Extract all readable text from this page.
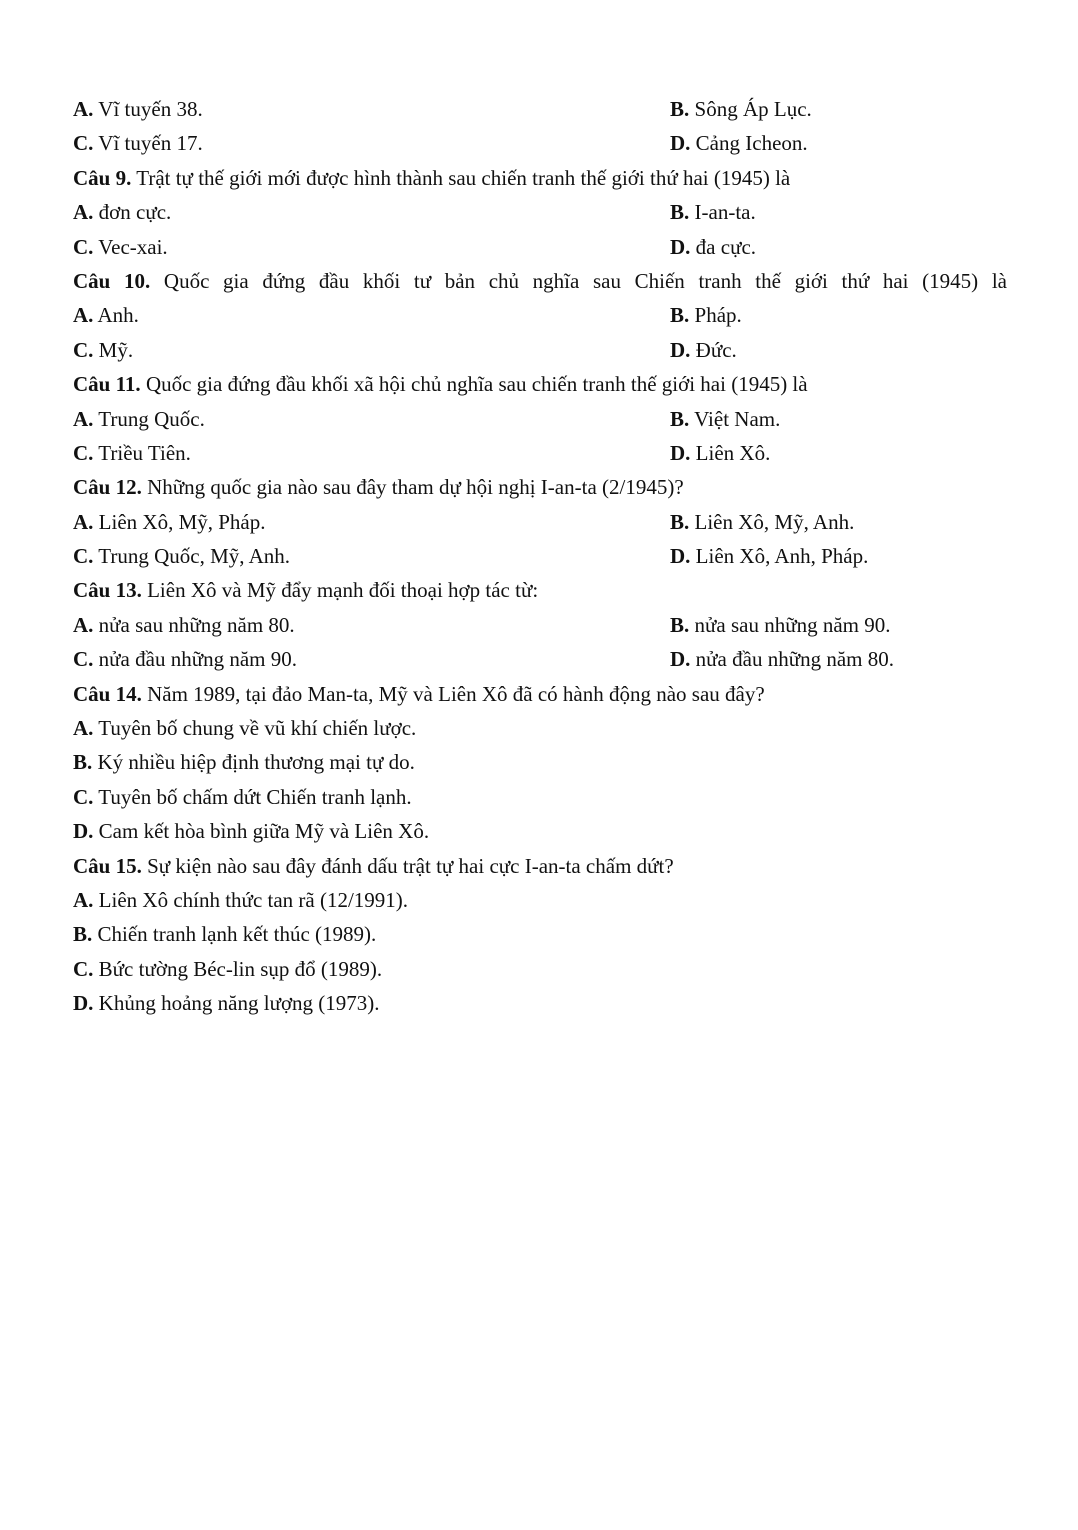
A. Vĩ tuyến 38.	B. Sông Áp Lục.
C. Vĩ tuyến 17.	D. Cảng Icheon.
Câu 9. Trật tự thế giới mới được hình thành sau chiến tranh thế giới thứ hai (1945) là
A. đơn cực.	B. I-an-ta.
C. Vec-xai.	D. đa cực.
Câu 10. Quốc gia đứng đầu khối tư bản chủ nghĩa sau Chiến tranh thế giới thứ hai (1945) là
A. Anh.	B. Pháp.
C. Mỹ.	D. Đức.
Câu 11. Quốc gia đứng đầu khối xã hội chủ nghĩa sau chiến tranh thế giới hai (1945) là
A. Trung Quốc.	B. Việt Nam.
C. Triều Tiên.	D. Liên Xô.
Câu 12. Những quốc gia nào sau đây tham dự hội nghị I-an-ta (2/1945)?
A. Liên Xô, Mỹ, Pháp.	B. Liên Xô, Mỹ, Anh.
C. Trung Quốc, Mỹ, Anh.	D. Liên Xô, Anh, Pháp.
Câu 13. Liên Xô và Mỹ đẩy mạnh đối thoại hợp tác từ:
A. nửa sau những năm 80.	B. nửa sau những năm 90.
C. nửa đầu những năm 90.	D. nửa đầu những năm 80.
Câu 14. Năm 1989, tại đảo Man-ta, Mỹ và Liên Xô đã có hành động nào sau đây?
A. Tuyên bố chung về vũ khí chiến lược.
B. Ký nhiều hiệp định thương mại tự do.
C. Tuyên bố chấm dứt Chiến tranh lạnh.
D. Cam kết hòa bình giữa Mỹ và Liên Xô.
Câu 15. Sự kiện nào sau đây đánh dấu trật tự hai cực I-an-ta chấm dứt?
A. Liên Xô chính thức tan rã (12/1991).
B. Chiến tranh lạnh kết thúc (1989).
C. Bức tường Béc-lin sụp đổ (1989).
D. Khủng hoảng năng lượng (1973).
